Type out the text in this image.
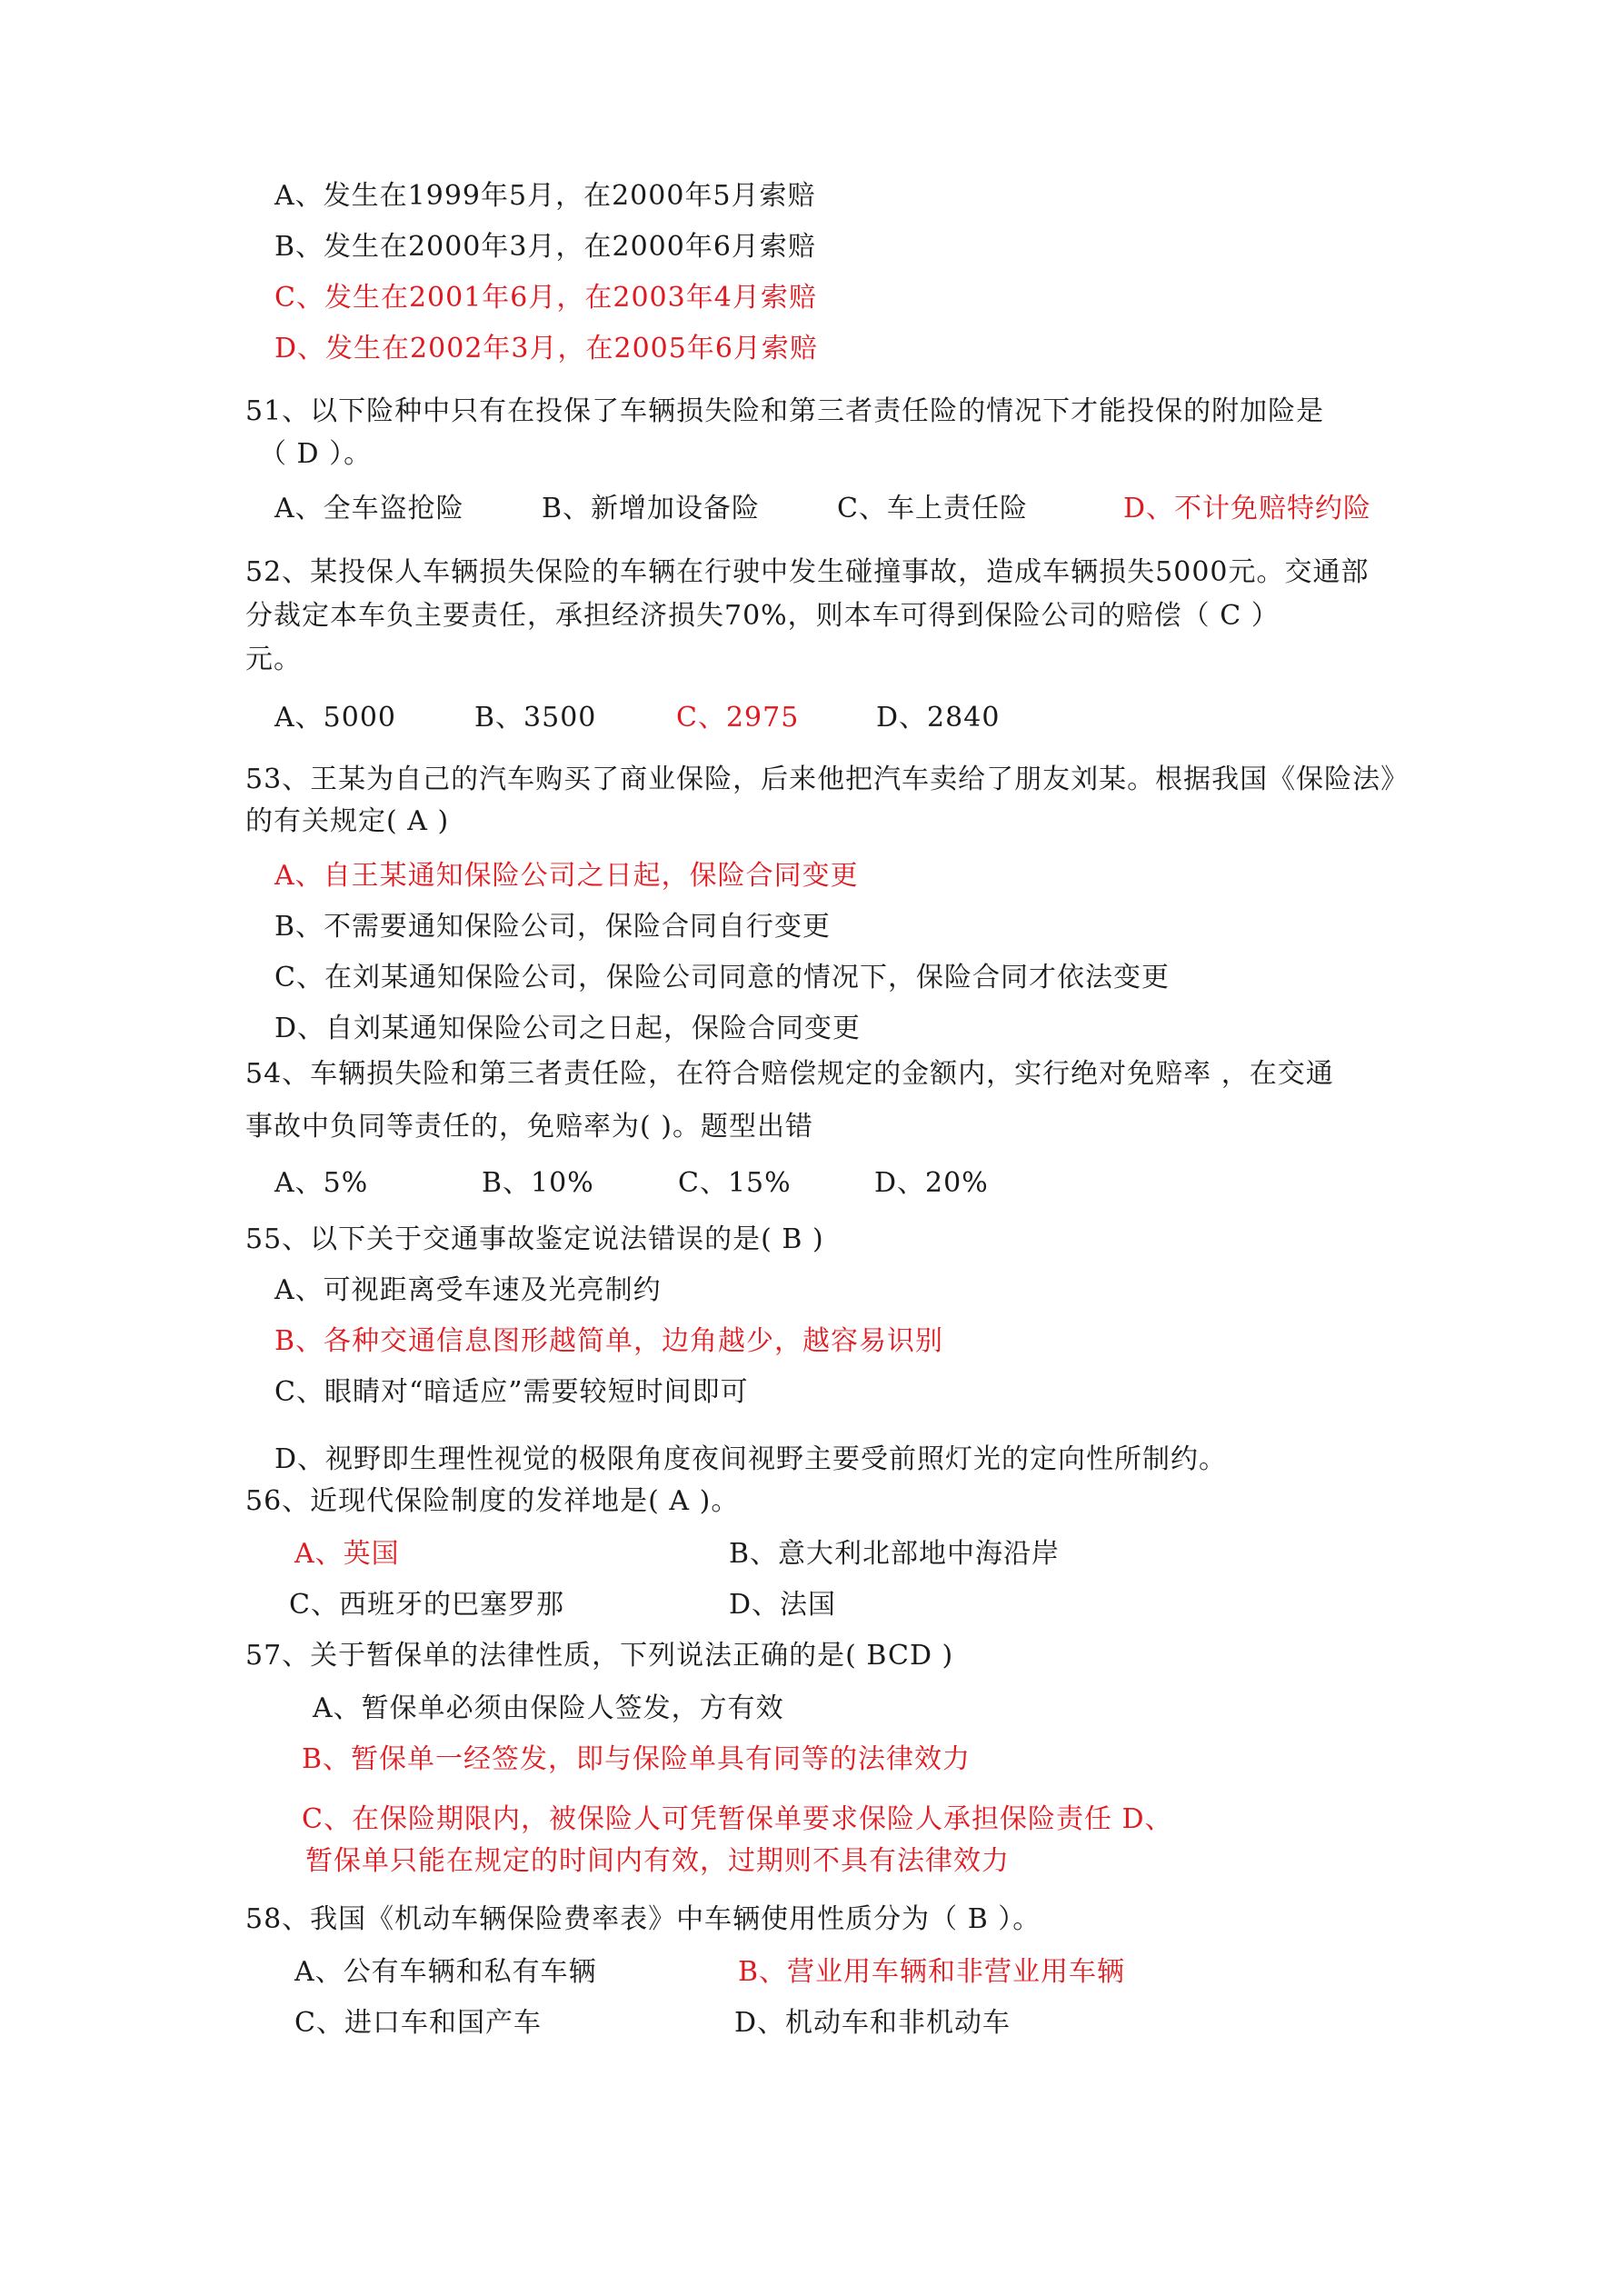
A、发生在1999年5月，在2000年5月索赔
B、发生在2000年3月，在2000年6月索赔
C、发生在2001年6月，在2003年4月索赔
D、发生在2002年3月，在2005年6月索赔
51、以下险种中只有在投保了车辆损失险和第三者责任险的情况下才能投保的附加险是
（ D ）。
A、全车盗抢险	B、新增加设备险	C、车上责任险	D、不计免赔特约险
52、某投保人车辆损失保险的车辆在行驶中发生碰撞事故，造成车辆损失5000元。交通部
分裁定本车负主要责任，承担经济损失70%，则本车可得到保险公司的赔偿（ C ）
元。
A、5000	B、3500	C、2975	D、2840
53、王某为自己的汽车购买了商业保险，后来他把汽车卖给了朋友刘某。根据我国《保险法》
的有关规定( A )
A、自王某通知保险公司之日起，保险合同变更
B、不需要通知保险公司，保险合同自行变更
C、在刘某通知保险公司，保险公司同意的情况下，保险合同才依法变更
D、自刘某通知保险公司之日起，保险合同变更
54、车辆损失险和第三者责任险，在符合赔偿规定的金额内，实行绝对免赔率 ，在交通
事故中负同等责任的，免赔率为( )。题型出错
A、5%	B、10%	C、15%	D、20%
55、以下关于交通事故鉴定说法错误的是( B )
A、可视距离受车速及光亮制约
B、各种交通信息图形越简单，边角越少，越容易识别
C、眼睛对“暗适应”需要较短时间即可
D、视野即生理性视觉的极限角度夜间视野主要受前照灯光的定向性所制约。
56、近现代保险制度的发祥地是( A )。
A、英国	B、意大利北部地中海沿岸
C、西班牙的巴塞罗那	D、法国
57、关于暂保单的法律性质，下列说法正确的是( BCD )
A、暂保单必须由保险人签发，方有效
B、暂保单一经签发，即与保险单具有同等的法律效力
C、在保险期限内，被保险人可凭暂保单要求保险人承担保险责任 D、
暂保单只能在规定的时间内有效，过期则不具有法律效力
58、我国《机动车辆保险费率表》中车辆使用性质分为（ B ）。
A、公有车辆和私有车辆	B、营业用车辆和非营业用车辆
C、进口车和国产车	D、机动车和非机动车
